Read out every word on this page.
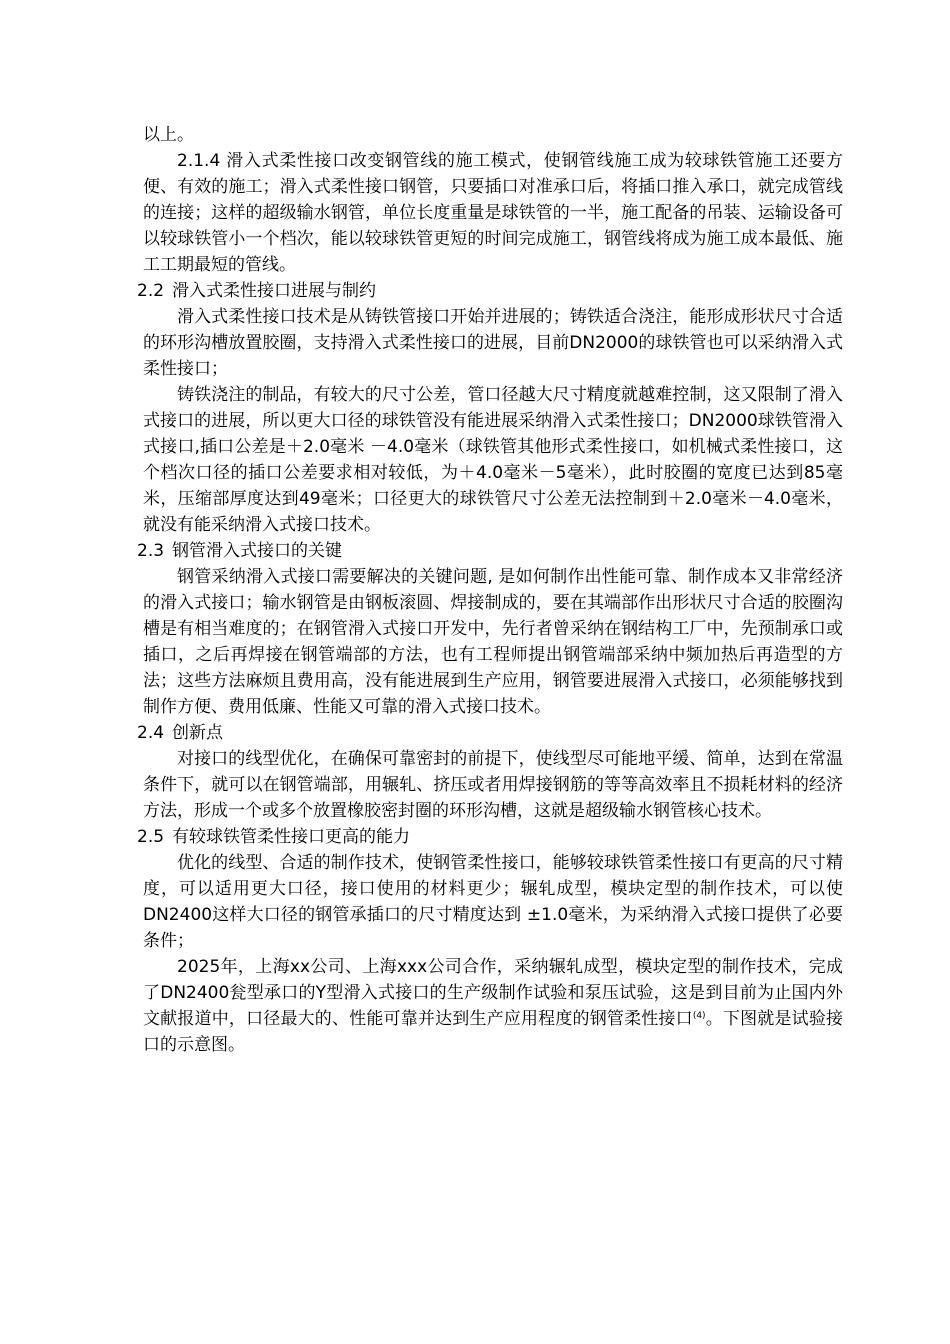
以上。

2.1.4 滑入式柔性接口改变钢管线的施工模式，使钢管线施工成为较球铁管施工还要方便、有效的施工；滑入式柔性接口钢管，只要插口对准承口后，将插口推入承口，就完成管线的连接；这样的超级输水钢管，单位长度重量是球铁管的一半，施工配备的吊装、运输设备可以较球铁管小一个档次，能以较球铁管更短的时间完成施工，钢管线将成为施工成本最低、施工工期最短的管线。

2.2 滑入式柔性接口进展与制约

滑入式柔性接口技术是从铸铁管接口开始并进展的；铸铁适合浇注，能形成形状尺寸合适的环形沟槽放置胶圈，支持滑入式柔性接口的进展，目前DN2000的球铁管也可以采纳滑入式柔性接口；

铸铁浇注的制品，有较大的尺寸公差，管口径越大尺寸精度就越难控制，这又限制了滑入式接口的进展，所以更大口径的球铁管没有能进展采纳滑入式柔性接口；DN2000球铁管滑入式接口,插口公差是＋2.0毫米 －4.0毫米（球铁管其他形式柔性接口，如机械式柔性接口，这个档次口径的插口公差要求相对较低，为＋4.0毫米－5毫米），此时胶圈的宽度已达到85毫米，压缩部厚度达到49毫米；口径更大的球铁管尺寸公差无法控制到＋2.0毫米－4.0毫米，就没有能采纳滑入式接口技术。

2.3 钢管滑入式接口的关键

钢管采纳滑入式接口需要解决的关键问题, 是如何制作出性能可靠、制作成本又非常经济的滑入式接口；输水钢管是由钢板滚圆、焊接制成的，要在其端部作出形状尺寸合适的胶圈沟槽是有相当难度的；在钢管滑入式接口开发中，先行者曾采纳在钢结构工厂中，先预制承口或插口，之后再焊接在钢管端部的方法，也有工程师提出钢管端部采纳中频加热后再造型的方法；这些方法麻烦且费用高，没有能进展到生产应用，钢管要进展滑入式接口，必须能够找到制作方便、费用低廉、性能又可靠的滑入式接口技术。

2.4 创新点

对接口的线型优化，在确保可靠密封的前提下，使线型尽可能地平缓、简单，达到在常温条件下，就可以在钢管端部，用辗轧、挤压或者用焊接钢筋的等等高效率且不损耗材料的经济方法，形成一个或多个放置橡胶密封圈的环形沟槽，这就是超级输水钢管核心技术。

2.5 有较球铁管柔性接口更高的能力

优化的线型、合适的制作技术，使钢管柔性接口，能够较球铁管柔性接口有更高的尺寸精度，可以适用更大口径，接口使用的材料更少；辗轧成型，模块定型的制作技术，可以使DN2400这样大口径的钢管承插口的尺寸精度达到 ±1.0毫米，为采纳滑入式接口提供了必要条件；

2025年，上海xx公司、上海xxx公司合作，采纳辗轧成型，模块定型的制作技术，完成了DN2400瓮型承口的Y型滑入式接口的生产级制作试验和泵压试验，这是到目前为止国内外文献报道中，口径最大的、性能可靠并达到生产应用程度的钢管柔性接口$^{(4)}$。下图就是试验接口的示意图。
